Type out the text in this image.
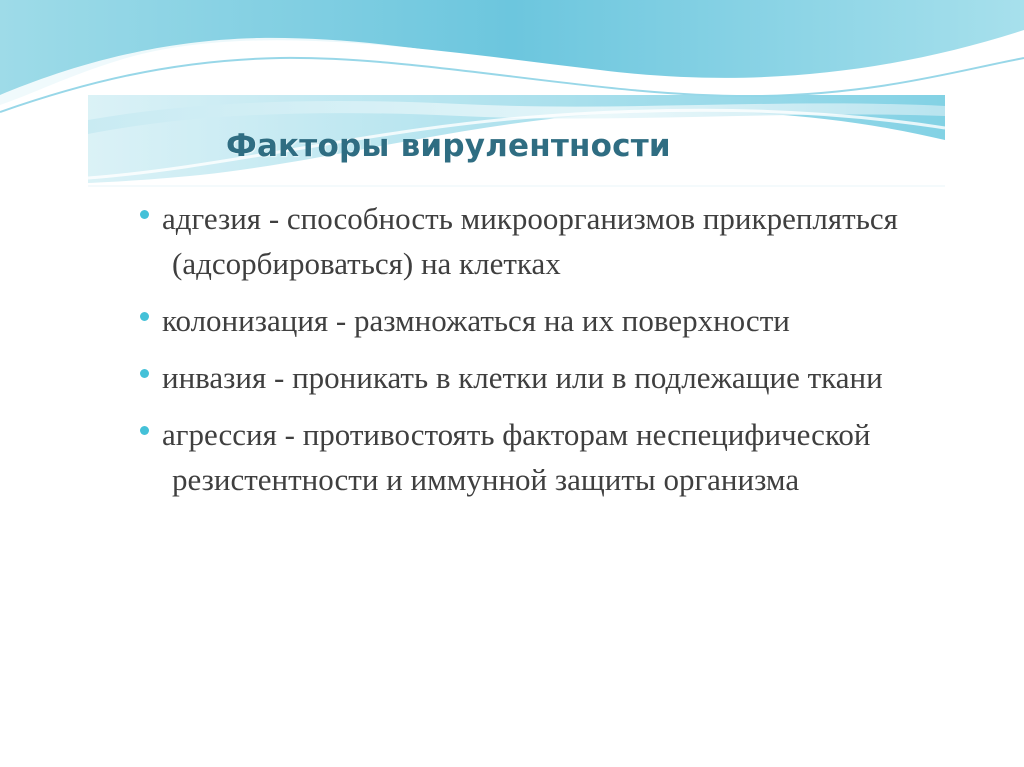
Факторы вирулентности
адгезия - способность микроорганизмов прикрепляться (адсорбироваться) на клетках
колонизация - размножаться на их поверхности
инвазия - проникать в клетки или в подлежащие ткани
агрессия - противостоять факторам неспецифической резистентности и иммунной защиты организма
